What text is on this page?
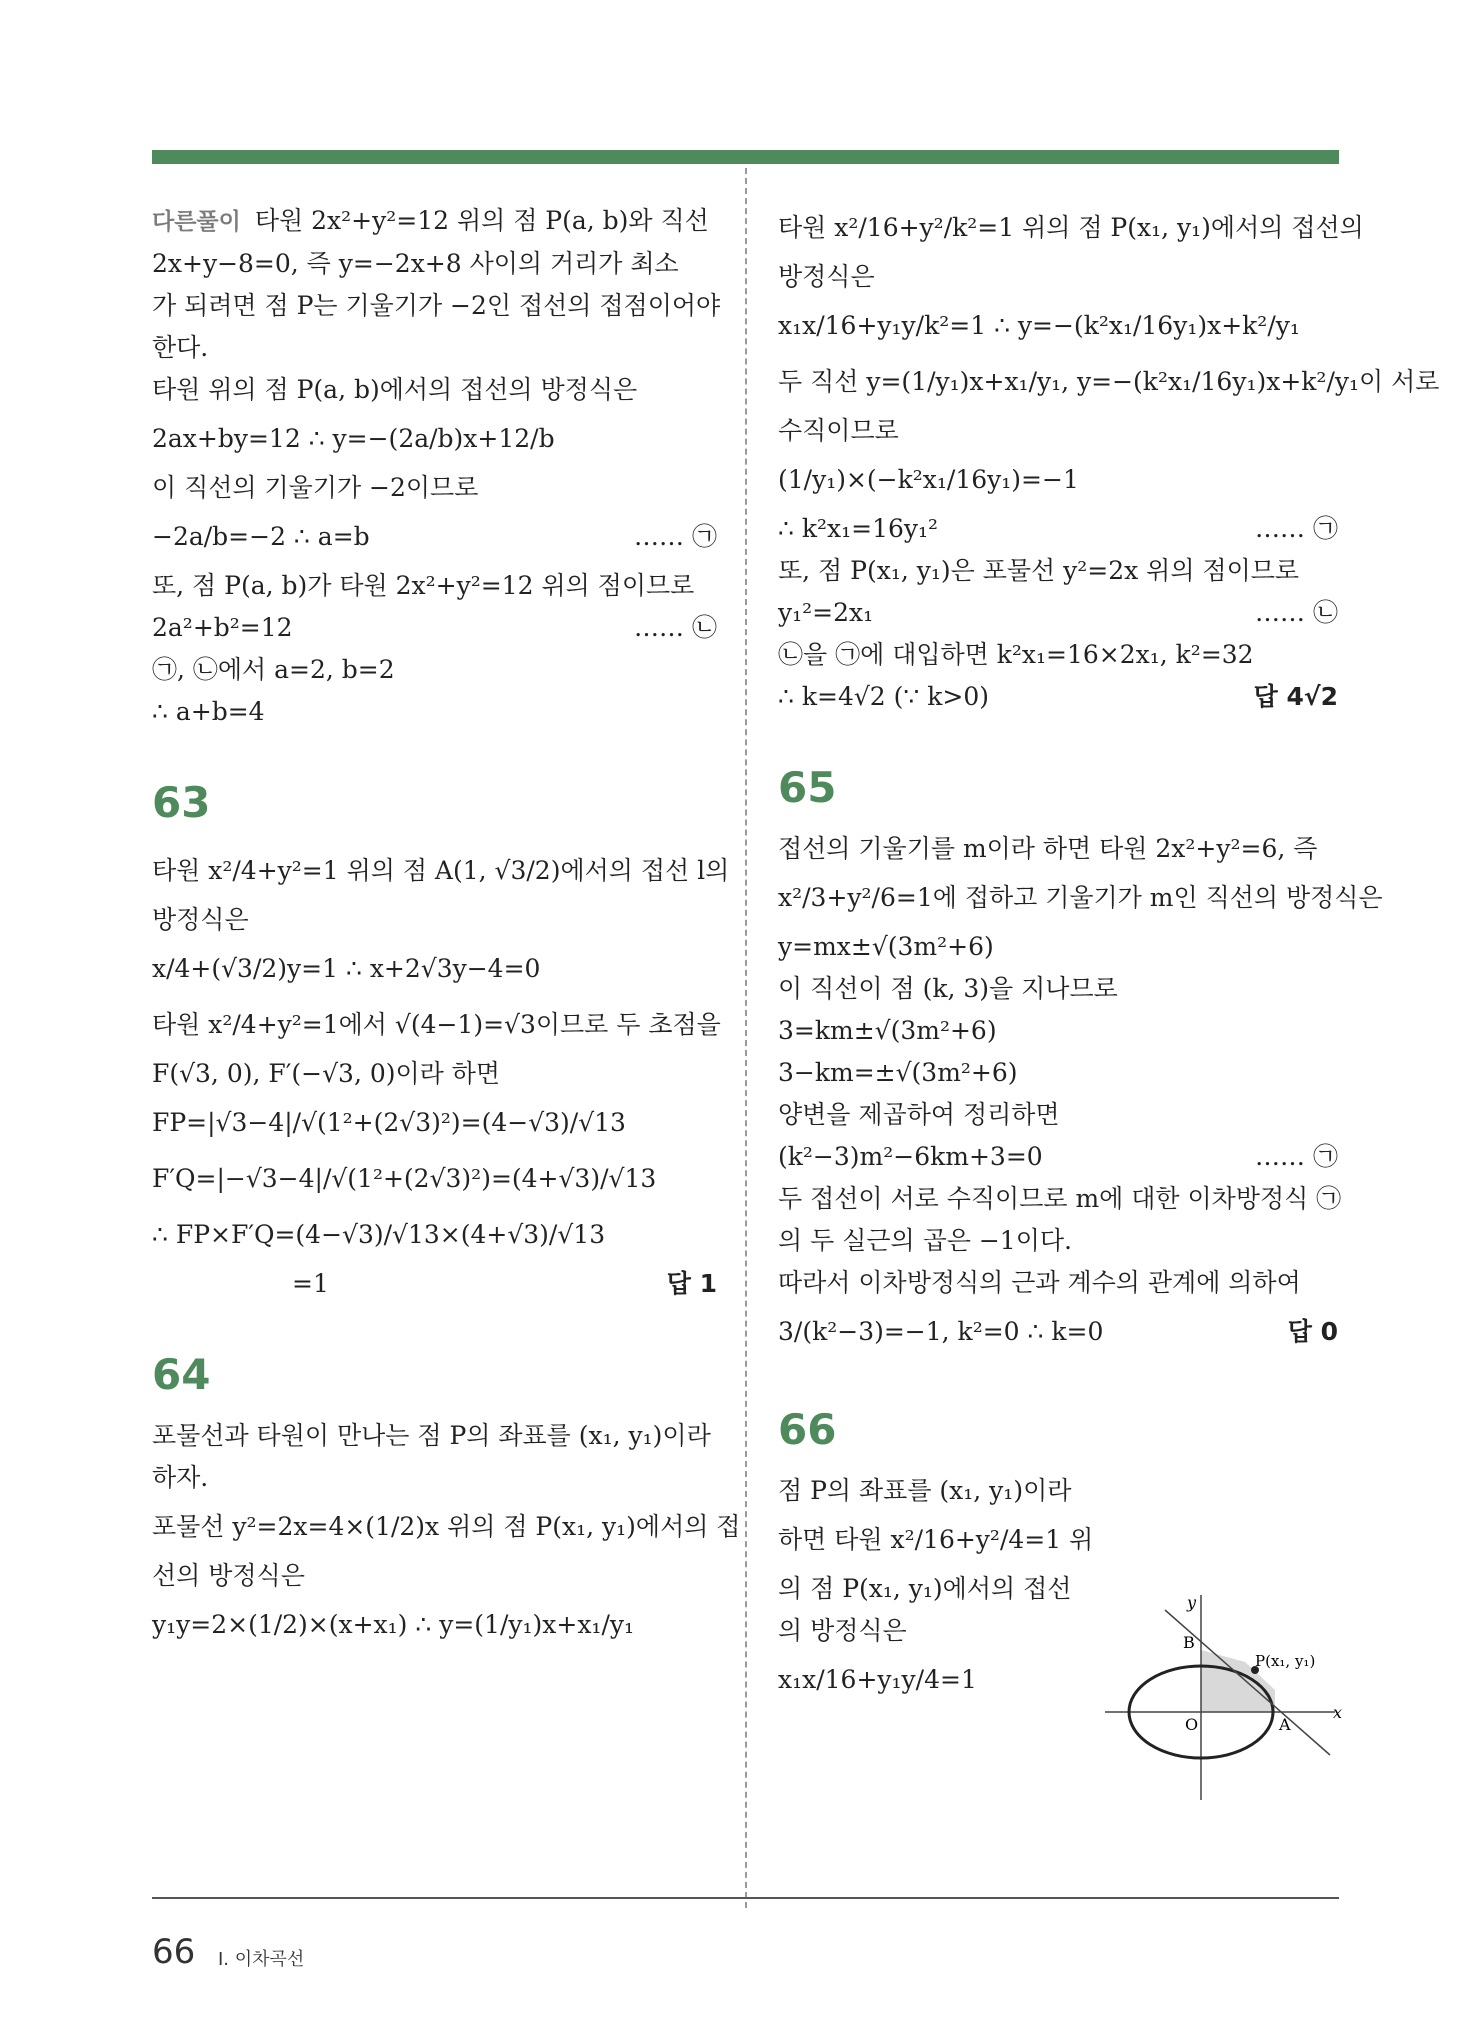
다른풀이 타원 2x²+y²=12 위의 점 P(a, b)와 직선

2x+y−8=0, 즉 y=−2x+8 사이의 거리가 최소

가 되려면 점 P는 기울기가 −2인 접선의 접점이어야

한다.

타원 위의 점 P(a, b)에서의 접선의 방정식은

2ax+by=12 ∴ y=−(2a/b)x+12/b

이 직선의 기울기가 −2이므로

−2a/b=−2 ∴ a=b	…… ㉠

또, 점 P(a, b)가 타원 2x²+y²=12 위의 점이므로

2a²+b²=12	…… ㉡

㉠, ㉡에서 a=2, b=2

∴ a+b=4

63

타원 x²/4+y²=1 위의 점 A(1, √3/2)에서의 접선 l의

방정식은

x/4+(√3/2)y=1 ∴ x+2√3y−4=0

타원 x²/4+y²=1에서 √(4−1)=√3이므로 두 초점을

F(√3, 0), F′(−√3, 0)이라 하면

FP=|√3−4|/√(1²+(2√3)²)=(4−√3)/√13

F′Q=|−√3−4|/√(1²+(2√3)²)=(4+√3)/√13

∴ FP×F′Q=(4−√3)/√13×(4+√3)/√13

=1	답 1

64

포물선과 타원이 만나는 점 P의 좌표를 (x₁, y₁)이라

하자.

포물선 y²=2x=4×(1/2)x 위의 점 P(x₁, y₁)에서의 접

선의 방정식은

y₁y=2×(1/2)×(x+x₁) ∴ y=(1/y₁)x+x₁/y₁

타원 x²/16+y²/k²=1 위의 점 P(x₁, y₁)에서의 접선의

방정식은

x₁x/16+y₁y/k²=1 ∴ y=−(k²x₁/16y₁)x+k²/y₁

두 직선 y=(1/y₁)x+x₁/y₁, y=−(k²x₁/16y₁)x+k²/y₁이 서로

수직이므로

(1/y₁)×(−k²x₁/16y₁)=−1

∴ k²x₁=16y₁²	…… ㉠

또, 점 P(x₁, y₁)은 포물선 y²=2x 위의 점이므로

y₁²=2x₁	…… ㉡

㉡을 ㉠에 대입하면 k²x₁=16×2x₁, k²=32

∴ k=4√2 (∵ k>0)	답 4√2

65

접선의 기울기를 m이라 하면 타원 2x²+y²=6, 즉

x²/3+y²/6=1에 접하고 기울기가 m인 직선의 방정식은

y=mx±√(3m²+6)

이 직선이 점 (k, 3)을 지나므로

3=km±√(3m²+6)

3−km=±√(3m²+6)

양변을 제곱하여 정리하면

(k²−3)m²−6km+3=0	…… ㉠

두 접선이 서로 수직이므로 m에 대한 이차방정식 ㉠

의 두 실근의 곱은 −1이다.

따라서 이차방정식의 근과 계수의 관계에 의하여

3/(k²−3)=−1, k²=0 ∴ k=0	답 0

66

점 P의 좌표를 (x₁, y₁)이라

하면 타원 x²/16+y²/4=1 위

의 점 P(x₁, y₁)에서의 접선

의 방정식은

x₁x/16+y₁y/4=1

y
x
B
P(x₁, y₁)
O	A
66 Ⅰ. 이차곡선
